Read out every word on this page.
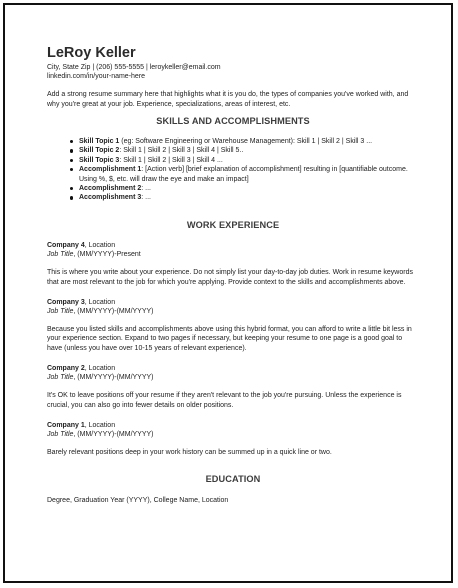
LeRoy Keller

City, State Zip | (206) 555-5555 | leroykeller@email.com

linkedin.com/in/your-name-here

Add a strong resume summary here that highlights what it is you do, the types of companies you've worked with, and why you're great at your job. Experience, specializations, areas of interest, etc.

SKILLS AND ACCOMPLISHMENTS

Skill Topic 1 (eg: Software Engineering or Warehouse Management): Skill 1 | Skill 2 | Skill 3 ...
Skill Topic 2: Skill 1 | Skill 2 | Skill 3 | Skill 4 | Skill 5..
Skill Topic 3: Skill 1 | Skill 2 | Skill 3 | Skill 4 ...
Accomplishment 1: [Action verb] [brief explanation of accomplishment] resulting in [quantifiable outcome. Using %, $, etc. will draw the eye and make an impact]
Accomplishment 2: ...
Accomplishment 3: ...

WORK EXPERIENCE

Company 4, Location

Job Title, (MM/YYYY)-Present

This is where you write about your experience. Do not simply list your day-to-day job duties. Work in resume keywords that are most relevant to the job for which you're applying. Provide context to the skills and accomplishments above.

Company 3, Location

Job Title, (MM/YYYY)-(MM/YYYY)

Because you listed skills and accomplishments above using this hybrid format, you can afford to write a little bit less in your experience section. Expand to two pages if necessary, but keeping your resume to one page is a good goal to have (unless you have over 10-15 years of relevant experience).

Company 2, Location

Job Title, (MM/YYYY)-(MM/YYYY)

It's OK to leave positions off your resume if they aren't relevant to the job you're pursuing. Unless the experience is crucial, you can also go into fewer details on older positions.

Company 1, Location

Job Title, (MM/YYYY)-(MM/YYYY)

Barely relevant positions deep in your work history can be summed up in a quick line or two.

EDUCATION

Degree, Graduation Year (YYYY), College Name, Location
